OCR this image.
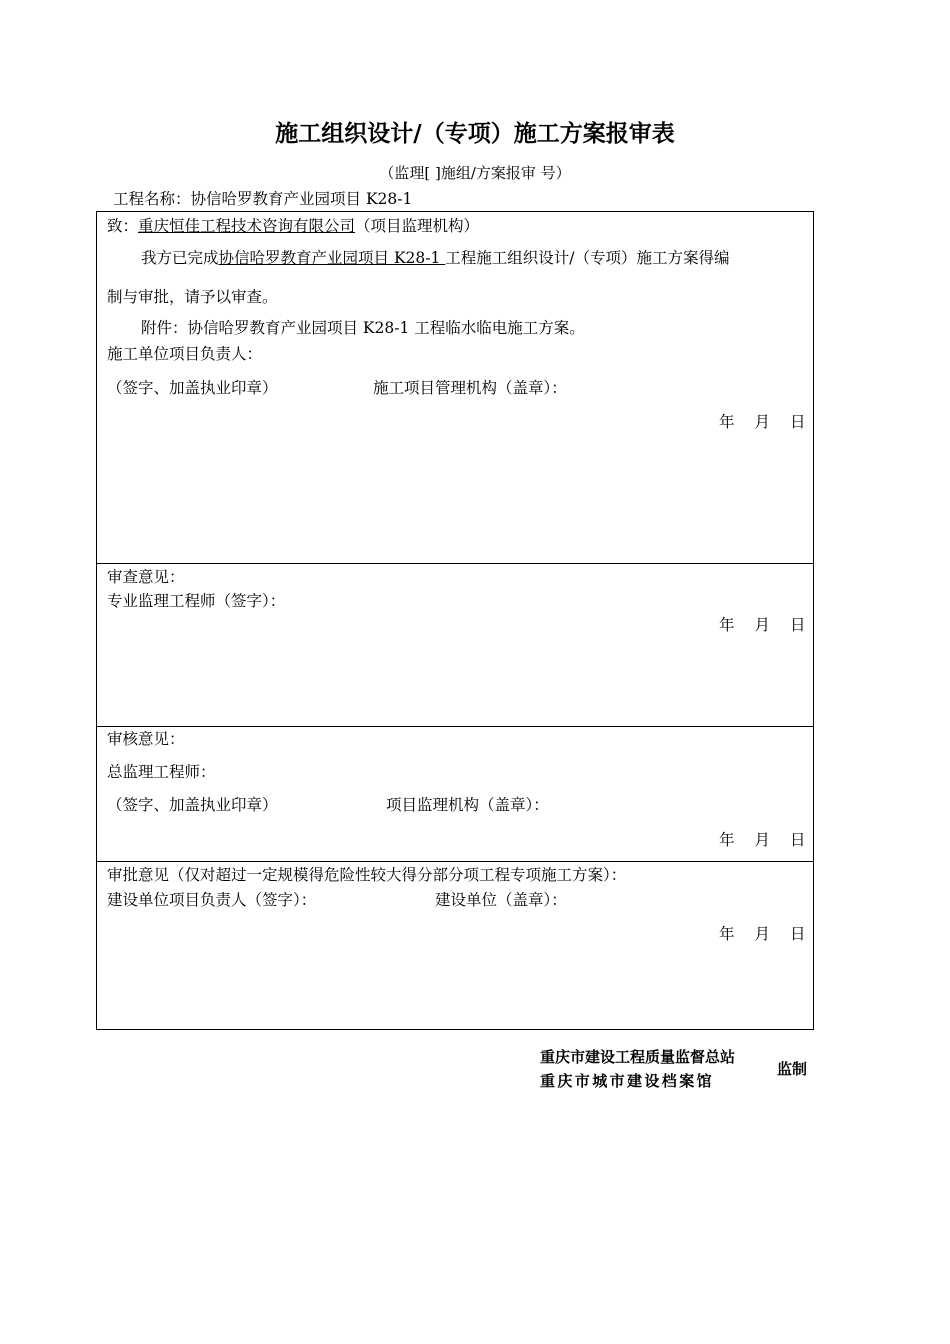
施工组织设计/（专项）施工方案报审表
（监理[ ]施组/方案报审 号）
工程名称：协信哈罗教育产业园项目 K28-1
致：重庆恒佳工程技术咨询有限公司（项目监理机构）
我方已完成协信哈罗教育产业园项目 K28-1 工程施工组织设计/（专项）施工方案得编
制与审批，请予以审查。
附件：协信哈罗教育产业园项目 K28-1 工程临水临电施工方案。
施工单位项目负责人：
（签字、加盖执业印章）	施工项目管理机构（盖章）：
年 月 日
审查意见：
专业监理工程师（签字）：
年 月 日
审核意见：
总监理工程师：
（签字、加盖执业印章）	项目监理机构（盖章）：
年 月 日
审批意见（仅对超过一定规模得危险性较大得分部分项工程专项施工方案）：
建设单位项目负责人（签字）：	建设单位（盖章）：
年 月 日
重庆市建设工程质量监督总站
重庆市城市建设档案馆
监制
